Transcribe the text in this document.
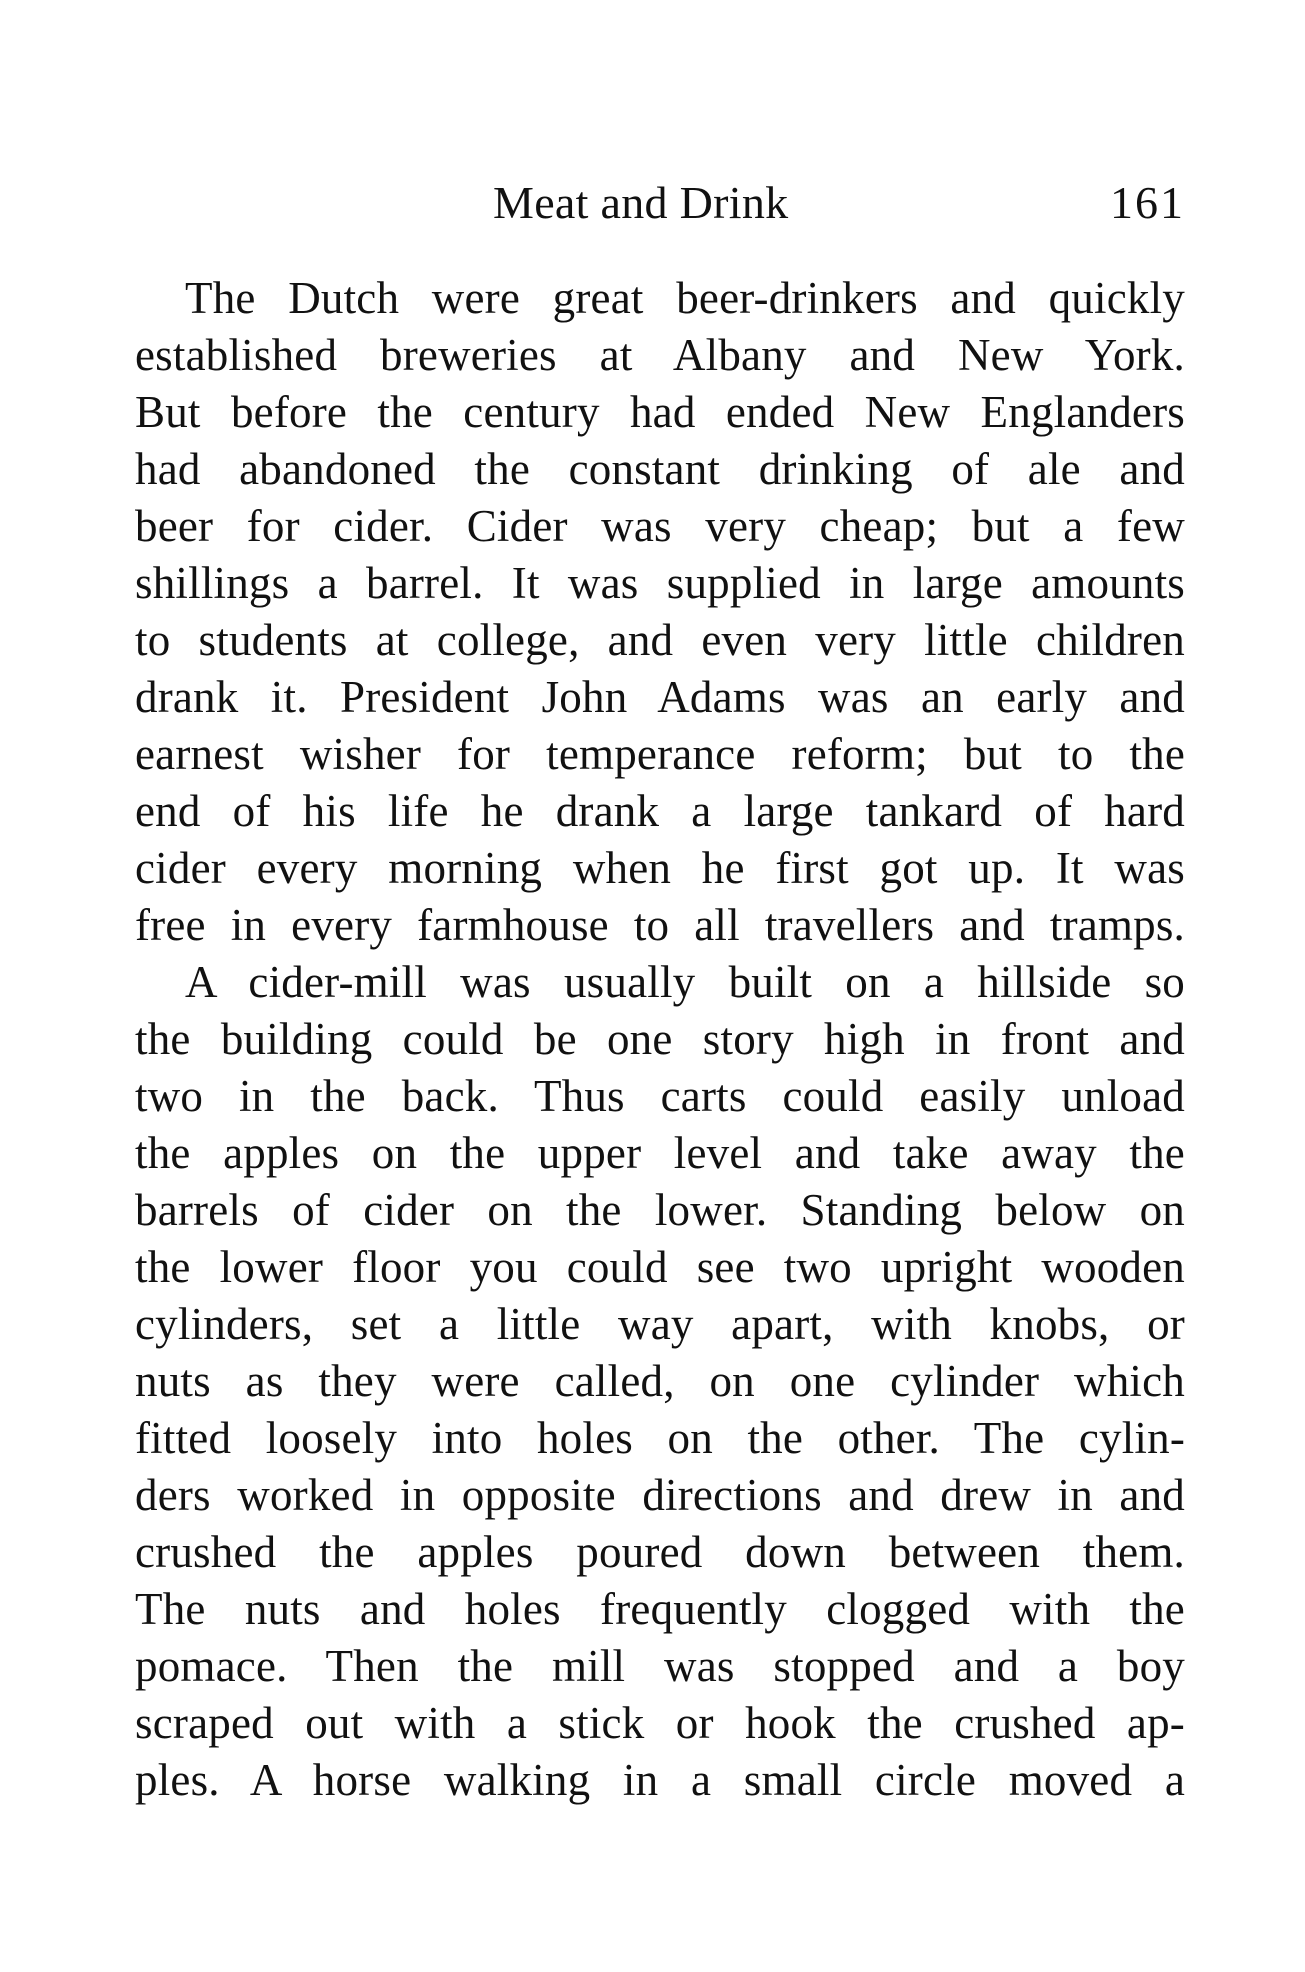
Meat and Drink	161
The Dutch were great beer-drinkers and quickly
established breweries at Albany and New York.
But before the century had ended New Englanders
had abandoned the constant drinking of ale and
beer for cider. Cider was very cheap; but a few
shillings a barrel. It was supplied in large amounts
to students at college, and even very little children
drank it. President John Adams was an early and
earnest wisher for temperance reform; but to the
end of his life he drank a large tankard of hard
cider every morning when he first got up. It was
free in every farmhouse to all travellers and tramps.
A cider-mill was usually built on a hillside so
the building could be one story high in front and
two in the back. Thus carts could easily unload
the apples on the upper level and take away the
barrels of cider on the lower. Standing below on
the lower floor you could see two upright wooden
cylinders, set a little way apart, with knobs, or
nuts as they were called, on one cylinder which
fitted loosely into holes on the other. The cylin-
ders worked in opposite directions and drew in and
crushed the apples poured down between them.
The nuts and holes frequently clogged with the
pomace. Then the mill was stopped and a boy
scraped out with a stick or hook the crushed ap-
ples. A horse walking in a small circle moved a
